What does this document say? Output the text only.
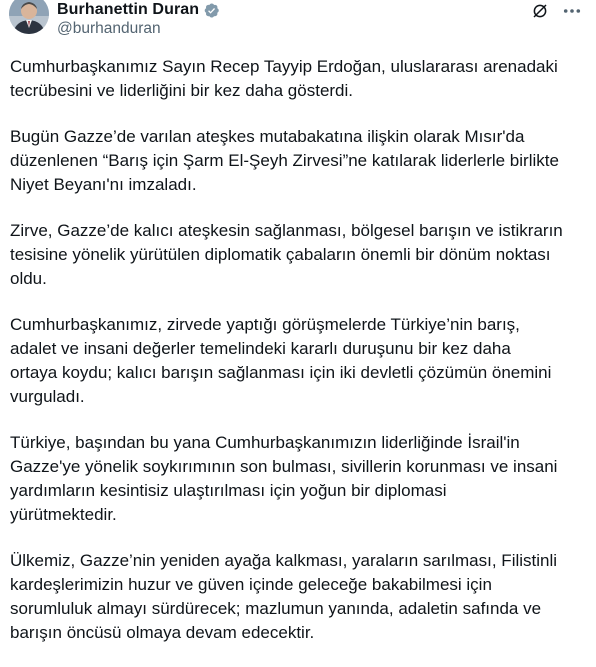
Burhanettin Duran
@burhanduran

Cumhurbaşkanımız Sayın Recep Tayyip Erdoğan, uluslararası arenadaki
tecrübesini ve liderliğini bir kez daha gösterdi.

Bugün Gazze’de varılan ateşkes mutabakatına ilişkin olarak Mısır'da
düzenlenen “Barış için Şarm El-Şeyh Zirvesi”ne katılarak liderlerle birlikte
Niyet Beyanı'nı imzaladı.

Zirve, Gazze’de kalıcı ateşkesin sağlanması, bölgesel barışın ve istikrarın
tesisine yönelik yürütülen diplomatik çabaların önemli bir dönüm noktası
oldu.

Cumhurbaşkanımız, zirvede yaptığı görüşmelerde Türkiye’nin barış,
adalet ve insani değerler temelindeki kararlı duruşunu bir kez daha
ortaya koydu; kalıcı barışın sağlanması için iki devletli çözümün önemini
vurguladı.

Türkiye, başından bu yana Cumhurbaşkanımızın liderliğinde İsrail'in
Gazze'ye yönelik soykırımının son bulması, sivillerin korunması ve insani
yardımların kesintisiz ulaştırılması için yoğun bir diplomasi
yürütmektedir.

Ülkemiz, Gazze’nin yeniden ayağa kalkması, yaraların sarılması, Filistinli
kardeşlerimizin huzur ve güven içinde geleceğe bakabilmesi için
sorumluluk almayı sürdürecek; mazlumun yanında, adaletin safında ve
barışın öncüsü olmaya devam edecektir.
